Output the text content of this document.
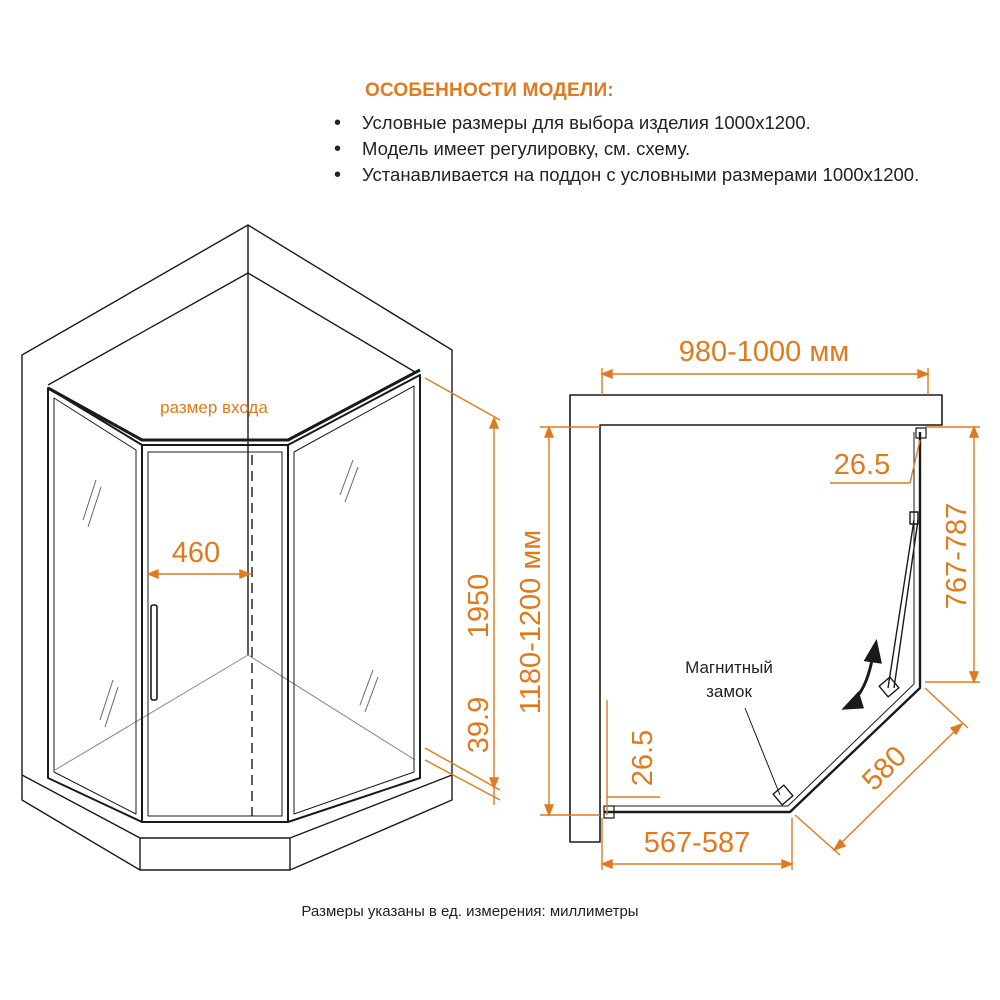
ОСОБЕННОСТИ МОДЕЛИ:
• Условные размеры для выбора изделия 1000х1200.
• Модель имеет регулировку, см. схему.
• Устанавливается на поддон с условными размерами 1000х1200.
размер входа
460
1950
39.9
980-1000 мм
1180-1200 мм	767-787
26.5
26.5
567-587
580
Магнитный
замок
Размеры указаны в ед. измерения: миллиметры
